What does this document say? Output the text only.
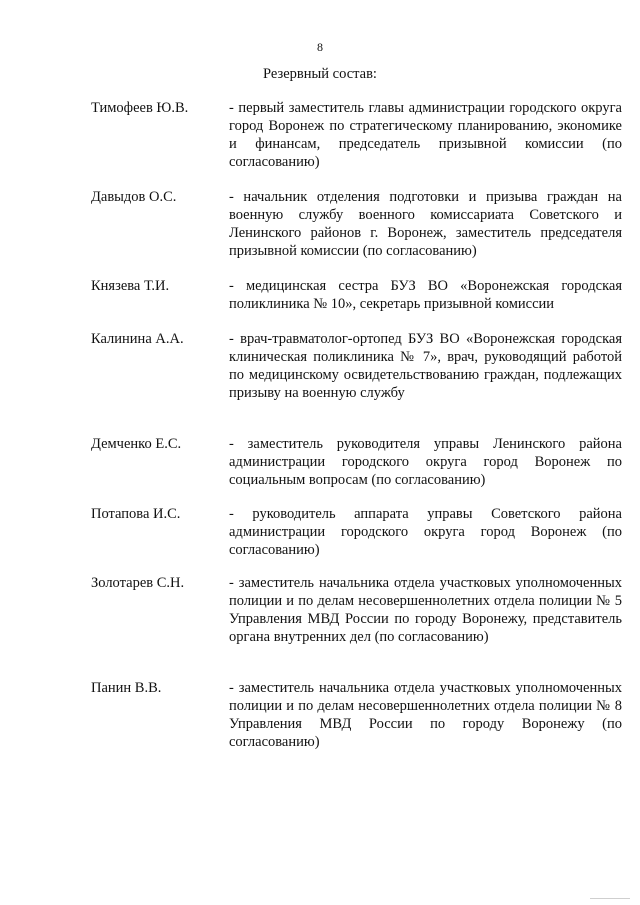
8
Резервный состав:
Тимофеев Ю.В.	- первый заместитель главы администрации городского округа город Воронеж по стратегическому планированию, экономике и финансам, председатель призывной комиссии (по согласованию)
Давыдов О.С.	- начальник отделения подготовки и призыва граждан на военную службу военного комиссариата Советского и Ленинского районов г. Воронеж, заместитель председателя призывной комиссии (по согласованию)
Князева Т.И.	- медицинская сестра БУЗ ВО «Воронежская городская поликлиника № 10», секретарь призывной комиссии
Калинина А.А.	- врач-травматолог-ортопед БУЗ ВО «Воронежская городская клиническая поликлиника № 7», врач, руководящий работой по медицинскому освидетельствованию граждан, подлежащих призыву на военную службу
Демченко Е.С.	- заместитель руководителя управы Ленинского района администрации городского округа город Воронеж по социальным вопросам (по согласованию)
Потапова И.С.	- руководитель аппарата управы Советского района администрации городского округа город Воронеж (по согласованию)
Золотарев С.Н.	- заместитель начальника отдела участковых уполномоченных полиции и по делам несовершеннолетних отдела полиции № 5 Управления МВД России по городу Воронежу, представитель органа внутренних дел (по согласованию)
Панин В.В.	- заместитель начальника отдела участковых уполномоченных полиции и по делам несовершеннолетних отдела полиции № 8 Управления МВД России по городу Воронежу (по согласованию)
